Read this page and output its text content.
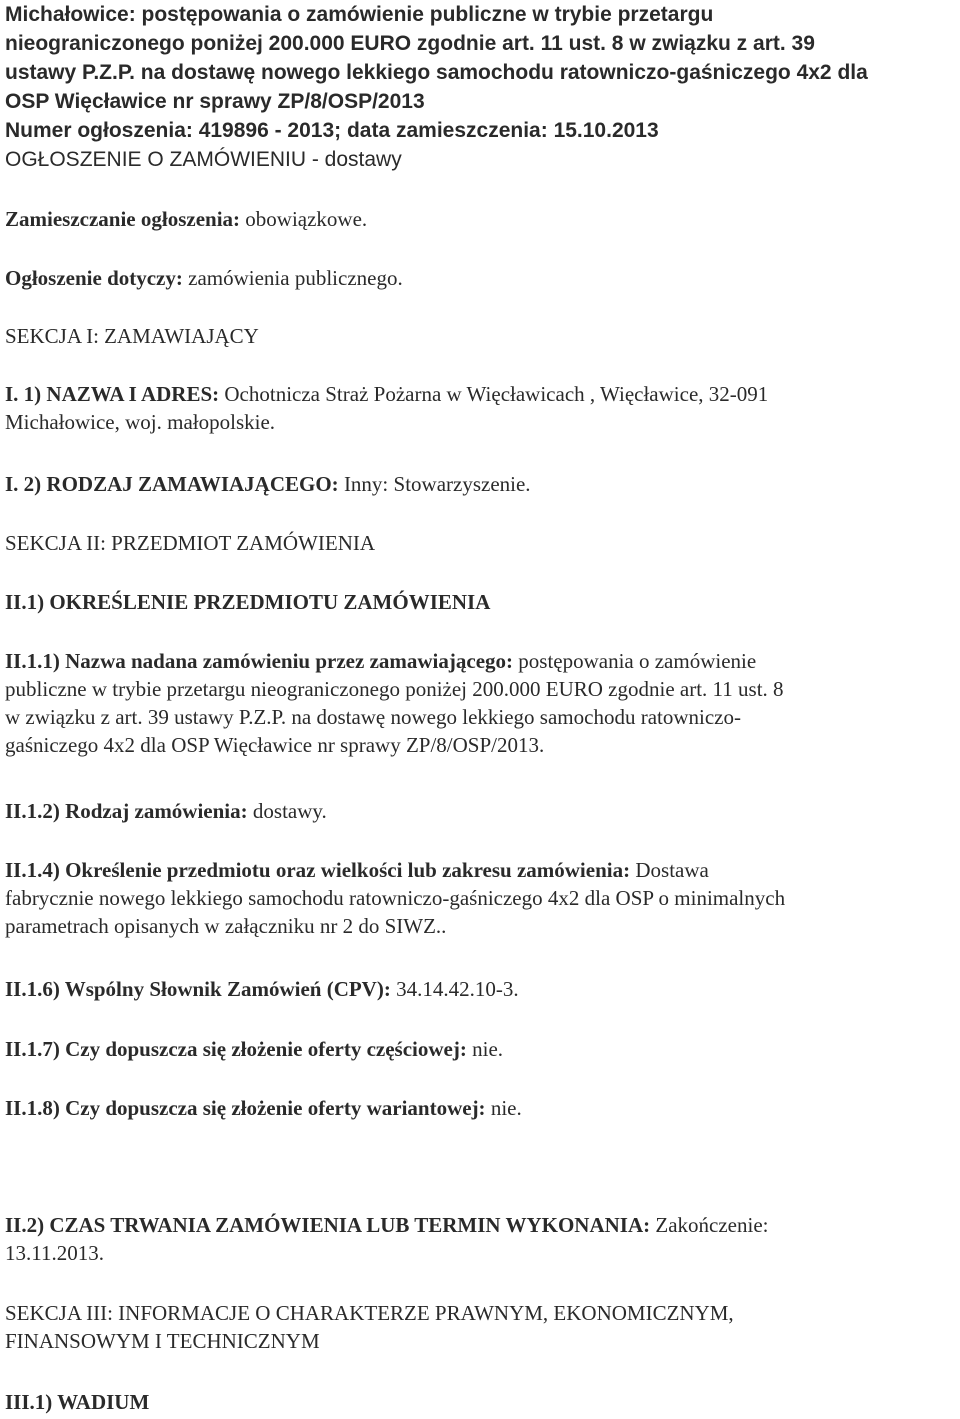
Michałowice: postępowania o zamówienie publiczne w trybie przetargu
nieograniczonego poniżej 200.000 EURO zgodnie art. 11 ust. 8 w związku z art. 39
ustawy P.Z.P. na dostawę nowego lekkiego samochodu ratowniczo-gaśniczego 4x2 dla
OSP Więcławice nr sprawy ZP/8/OSP/2013
Numer ogłoszenia: 419896 - 2013; data zamieszczenia: 15.10.2013
OGŁOSZENIE O ZAMÓWIENIU - dostawy

Zamieszczanie ogłoszenia: obowiązkowe.

Ogłoszenie dotyczy: zamówienia publicznego.

SEKCJA I: ZAMAWIAJĄCY

I. 1) NAZWA I ADRES: Ochotnicza Straż Pożarna w Więcławicach , Więcławice, 32-091
Michałowice, woj. małopolskie.

I. 2) RODZAJ ZAMAWIAJĄCEGO: Inny: Stowarzyszenie.

SEKCJA II: PRZEDMIOT ZAMÓWIENIA

II.1) OKREŚLENIE PRZEDMIOTU ZAMÓWIENIA

II.1.1) Nazwa nadana zamówieniu przez zamawiającego: postępowania o zamówienie
publiczne w trybie przetargu nieograniczonego poniżej 200.000 EURO zgodnie art. 11 ust. 8
w związku z art. 39 ustawy P.Z.P. na dostawę nowego lekkiego samochodu ratowniczo-
gaśniczego 4x2 dla OSP Więcławice nr sprawy ZP/8/OSP/2013.

II.1.2) Rodzaj zamówienia: dostawy.

II.1.4) Określenie przedmiotu oraz wielkości lub zakresu zamówienia: Dostawa
fabrycznie nowego lekkiego samochodu ratowniczo-gaśniczego 4x2 dla OSP o minimalnych
parametrach opisanych w załączniku nr 2 do SIWZ..

II.1.6) Wspólny Słownik Zamówień (CPV): 34.14.42.10-3.

II.1.7) Czy dopuszcza się złożenie oferty częściowej: nie.

II.1.8) Czy dopuszcza się złożenie oferty wariantowej: nie.

II.2) CZAS TRWANIA ZAMÓWIENIA LUB TERMIN WYKONANIA: Zakończenie:
13.11.2013.

SEKCJA III: INFORMACJE O CHARAKTERZE PRAWNYM, EKONOMICZNYM,
FINANSOWYM I TECHNICZNYM

III.1) WADIUM
